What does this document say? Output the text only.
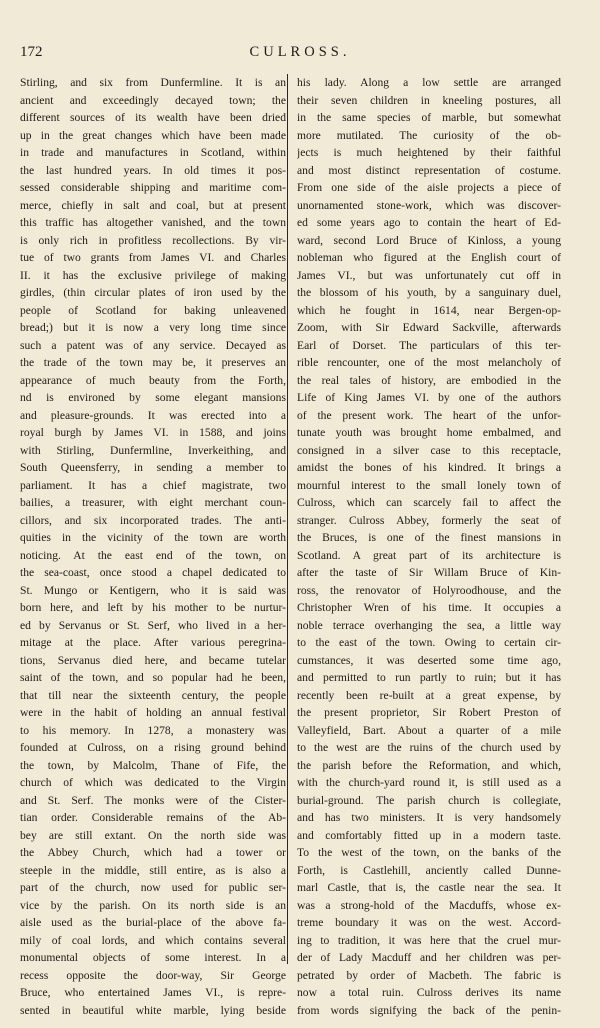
172	CULROSS.
Stirling, and six from Dunfermline. It is an
ancient and exceedingly decayed town; the
different sources of its wealth have been dried
up in the great changes which have been made
in trade and manufactures in Scotland, within
the last hundred years. In old times it pos-
sessed considerable shipping and maritime com-
merce, chiefly in salt and coal, but at present
this traffic has altogether vanished, and the town
is only rich in profitless recollections. By vir-
tue of two grants from James VI. and Charles
II. it has the exclusive privilege of making
girdles, (thin circular plates of iron used by the
people of Scotland for baking unleavened
bread;) but it is now a very long time since
such a patent was of any service. Decayed as
the trade of the town may be, it preserves an
appearance of much beauty from the Forth,
nd is environed by some elegant mansions
and pleasure-grounds. It was erected into a
royal burgh by James VI. in 1588, and joins
with Stirling, Dunfermline, Inverkeithing, and
South Queensferry, in sending a member to
parliament. It has a chief magistrate, two
bailies, a treasurer, with eight merchant coun-
cillors, and six incorporated trades. The anti-
quities in the vicinity of the town are worth
noticing. At the east end of the town, on
the sea-coast, once stood a chapel dedicated to
St. Mungo or Kentigern, who it is said was
born here, and left by his mother to be nurtur-
ed by Servanus or St. Serf, who lived in a her-
mitage at the place. After various peregrina-
tions, Servanus died here, and became tutelar
saint of the town, and so popular had he been,
that till near the sixteenth century, the people
were in the habit of holding an annual festival
to his memory. In 1278, a monastery was
founded at Culross, on a rising ground behind
the town, by Malcolm, Thane of Fife, the
church of which was dedicated to the Virgin
and St. Serf. The monks were of the Cister-
tian order. Considerable remains of the Ab-
bey are still extant. On the north side was
the Abbey Church, which had a tower or
steeple in the middle, still entire, as is also a
part of the church, now used for public ser-
vice by the parish. On its north side is an
aisle used as the burial-place of the above fa-
mily of coal lords, and which contains several
monumental objects of some interest. In a
recess opposite the door-way, Sir George
Bruce, who entertained James VI., is repre-
sented in beautiful white marble, lying beside
his lady. Along a low settle are arranged
their seven children in kneeling postures, all
in the same species of marble, but somewhat
more mutilated. The curiosity of the ob-
jects is much heightened by their faithful
and most distinct representation of costume.
From one side of the aisle projects a piece of
unornamented stone-work, which was discover-
ed some years ago to contain the heart of Ed-
ward, second Lord Bruce of Kinloss, a young
nobleman who figured at the English court of
James VI., but was unfortunately cut off in
the blossom of his youth, by a sanguinary duel,
which he fought in 1614, near Bergen-op-
Zoom, with Sir Edward Sackville, afterwards
Earl of Dorset. The particulars of this ter-
rible rencounter, one of the most melancholy of
the real tales of history, are embodied in the
Life of King James VI. by one of the authors
of the present work. The heart of the unfor-
tunate youth was brought home embalmed, and
consigned in a silver case to this receptacle,
amidst the bones of his kindred. It brings a
mournful interest to the small lonely town of
Culross, which can scarcely fail to affect the
stranger. Culross Abbey, formerly the seat of
the Bruces, is one of the finest mansions in
Scotland. A great part of its architecture is
after the taste of Sir Willam Bruce of Kin-
ross, the renovator of Holyroodhouse, and the
Christopher Wren of his time. It occupies a
noble terrace overhanging the sea, a little way
to the east of the town. Owing to certain cir-
cumstances, it was deserted some time ago,
and permitted to run partly to ruin; but it has
recently been re-built at a great expense, by
the present proprietor, Sir Robert Preston of
Valleyfield, Bart. About a quarter of a mile
to the west are the ruins of the church used by
the parish before the Reformation, and which,
with the church-yard round it, is still used as a
burial-ground. The parish church is collegiate,
and has two ministers. It is very handsomely
and comfortably fitted up in a modern taste.
To the west of the town, on the banks of the
Forth, is Castlehill, anciently called Dunne-
marl Castle, that is, the castle near the sea. It
was a strong-hold of the Macduffs, whose ex-
treme boundary it was on the west. Accord-
ing to tradition, it was here that the cruel mur-
der of Lady Macduff and her children was per-
petrated by order of Macbeth. The fabric is
now a total ruin. Culross derives its name
from words signifying the back of the penin-
